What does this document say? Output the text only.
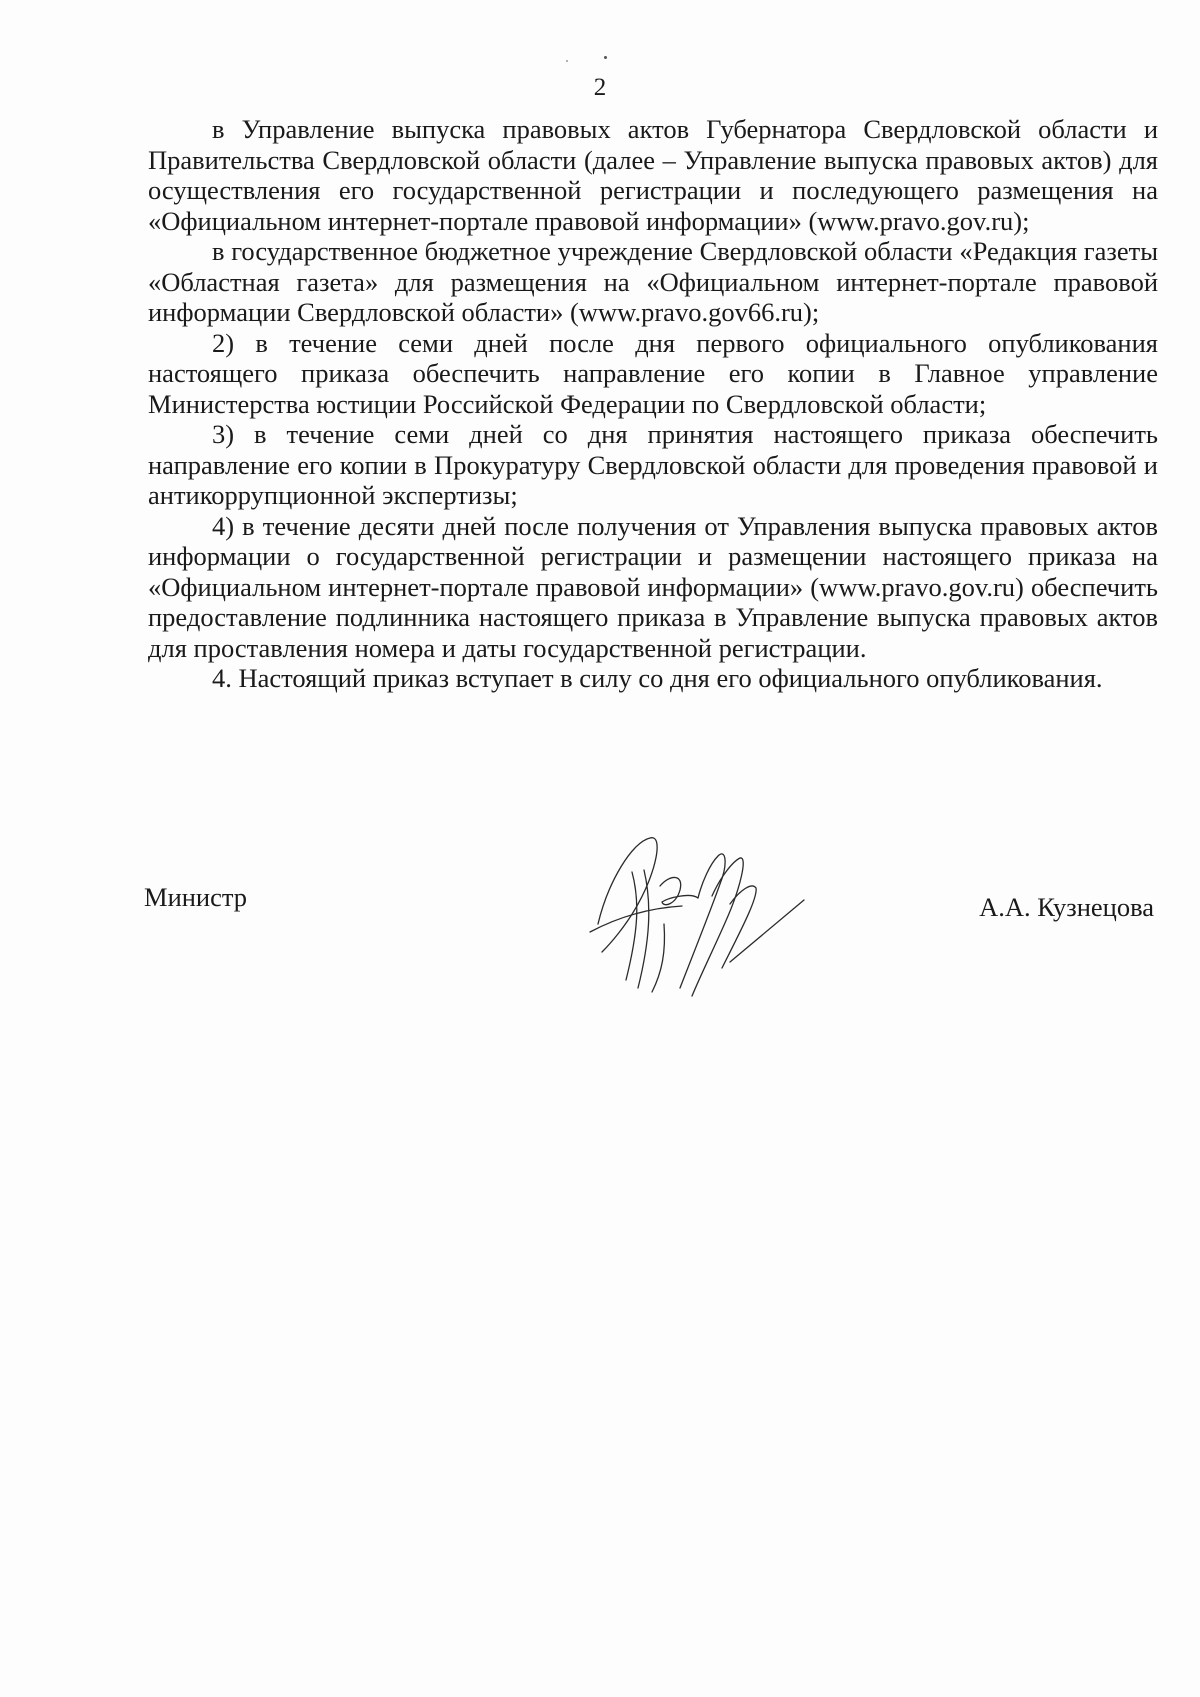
2

в Управление выпуска правовых актов Губернатора Свердловской области и Правительства Свердловской области (далее – Управление выпуска правовых актов) для осуществления его государственной регистрации и последующего размещения на «Официальном интернет-портале правовой информации» (www.pravo.gov.ru);

в государственное бюджетное учреждение Свердловской области «Редакция газеты «Областная газета» для размещения на «Официальном интернет-портале правовой информации Свердловской области» (www.pravo.gov66.ru);

2) в течение семи дней после дня первого официального опубликования настоящего приказа обеспечить направление его копии в Главное управление Министерства юстиции Российской Федерации по Свердловской области;

3) в течение семи дней со дня принятия настоящего приказа обеспечить направление его копии в Прокуратуру Свердловской области для проведения правовой и антикоррупционной экспертизы;

4) в течение десяти дней после получения от Управления выпуска правовых актов информации о государственной регистрации и размещении настоящего приказа на «Официальном интернет-портале правовой информации» (www.pravo.gov.ru) обеспечить предоставление подлинника настоящего приказа в Управление выпуска правовых актов для проставления номера и даты государственной регистрации.

4. Настоящий приказ вступает в силу со дня его официального опубликования.

Министр	А.А. Кузнецова
